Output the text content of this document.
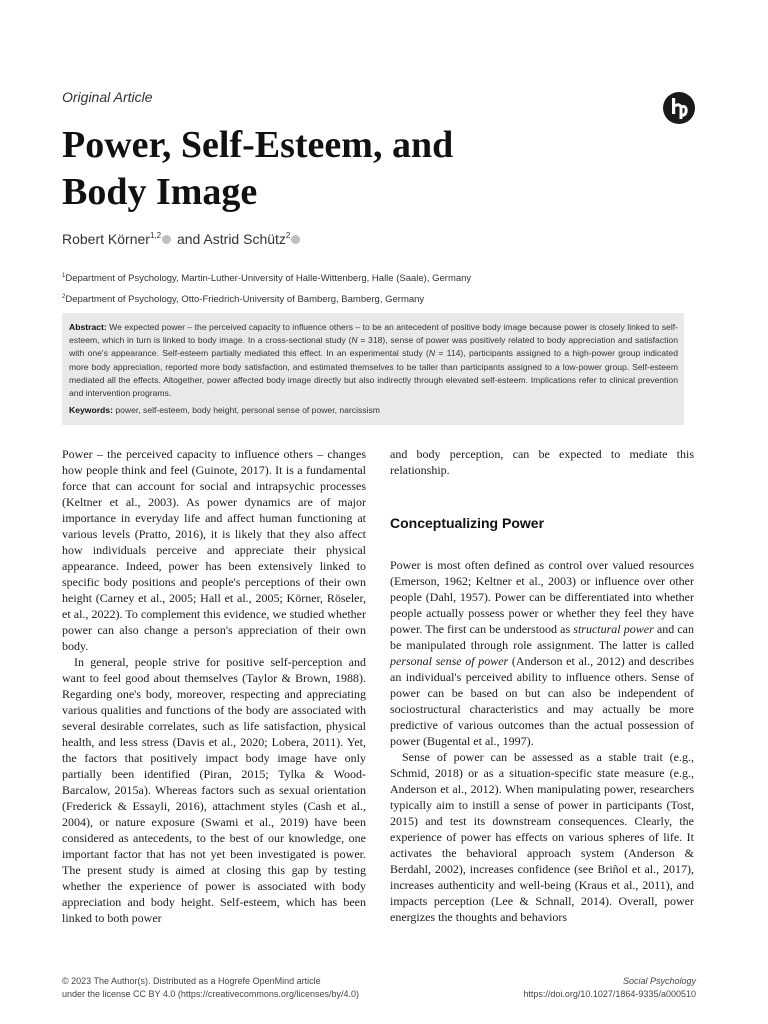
Original Article
Power, Self-Esteem, and
Body Image
Robert Körner$^{1,2}$ and Astrid Schütz$^2$
$^1$Department of Psychology, Martin-Luther-University of Halle-Wittenberg, Halle (Saale), Germany
$^2$Department of Psychology, Otto-Friedrich-University of Bamberg, Bamberg, Germany
Abstract: We expected power – the perceived capacity to influence others – to be an antecedent of positive body image because power is closely linked to self-esteem, which in turn is linked to body image. In a cross-sectional study (N = 318), sense of power was positively related to body appreciation and satisfaction with one's appearance. Self-esteem partially mediated this effect. In an experimental study (N = 114), participants assigned to a high-power group indicated more body appreciation, reported more body satisfaction, and estimated themselves to be taller than participants assigned to a low-power group. Self-esteem mediated all the effects. Altogether, power affected body image directly but also indirectly through elevated self-esteem. Implications refer to clinical prevention and intervention programs.
Keywords: power, self-esteem, body height, personal sense of power, narcissism

Power – the perceived capacity to influence others – changes how people think and feel (Guinote, 2017). It is a fundamental force that can account for social and intrapsychic processes (Keltner et al., 2003). As power dynamics are of major importance in everyday life and affect human functioning at various levels (Pratto, 2016), it is likely that they also affect how individuals perceive and appreciate their physical appearance. Indeed, power has been extensively linked to specific body positions and people's perceptions of their own height (Carney et al., 2005; Hall et al., 2005; Körner, Röseler, et al., 2022). To complement this evidence, we studied whether power can also change a person's appreciation of their own body.

In general, people strive for positive self-perception and want to feel good about themselves (Taylor & Brown, 1988). Regarding one's body, moreover, respecting and appreciating various qualities and functions of the body are associated with several desirable correlates, such as life satisfaction, physical health, and less stress (Davis et al., 2020; Lobera, 2011). Yet, the factors that positively impact body image have only partially been identified (Piran, 2015; Tylka & Wood-Barcalow, 2015a). Whereas factors such as sexual orientation (Frederick & Essayli, 2016), attachment styles (Cash et al., 2004), or nature exposure (Swami et al., 2019) have been considered as antecedents, to the best of our knowledge, one important factor that has not yet been investigated is power. The present study is aimed at closing this gap by testing whether the experience of power is associated with body appreciation and body height. Self-esteem, which has been linked to both power

and body perception, can be expected to mediate this relationship.

Conceptualizing Power

Power is most often defined as control over valued resources (Emerson, 1962; Keltner et al., 2003) or influence over other people (Dahl, 1957). Power can be differentiated into whether people actually possess power or whether they feel they have power. The first can be understood as structural power and can be manipulated through role assignment. The latter is called personal sense of power (Anderson et al., 2012) and describes an individual's perceived ability to influence others. Sense of power can be based on but can also be independent of sociostructural characteristics and may actually be more predictive of various outcomes than the actual possession of power (Bugental et al., 1997).

Sense of power can be assessed as a stable trait (e.g., Schmid, 2018) or as a situation-specific state measure (e.g., Anderson et al., 2012). When manipulating power, researchers typically aim to instill a sense of power in participants (Tost, 2015) and test its downstream consequences. Clearly, the experience of power has effects on various spheres of life. It activates the behavioral approach system (Anderson & Berdahl, 2002), increases confidence (see Briñol et al., 2017), increases authenticity and well-being (Kraus et al., 2011), and impacts perception (Lee & Schnall, 2014). Overall, power energizes the thoughts and behaviors

© 2023 The Author(s). Distributed as a Hogrefe OpenMind article
under the license CC BY 4.0 (https://creativecommons.org/licenses/by/4.0)
Social Psychology
https://doi.org/10.1027/1864-9335/a000510
